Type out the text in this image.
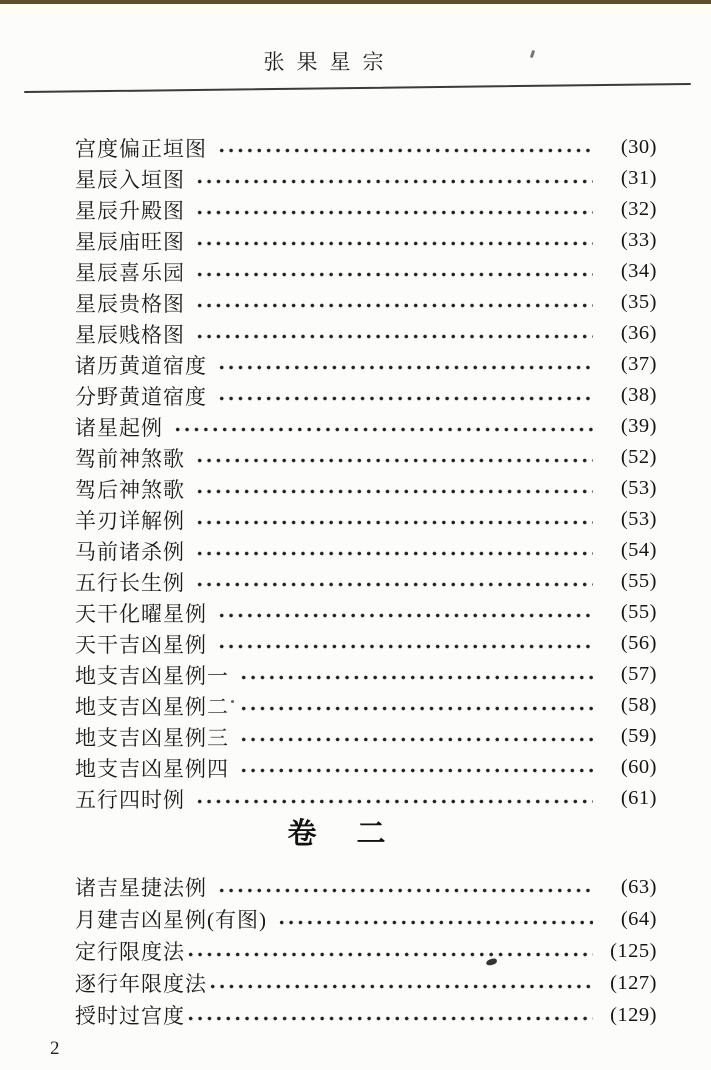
张果星宗
宫度偏正垣图	(30)
星辰入垣图	(31)
星辰升殿图	(32)
星辰庙旺图	(33)
星辰喜乐园	(34)
星辰贵格图	(35)
星辰贱格图	(36)
诸历黄道宿度	(37)
分野黄道宿度	(38)
诸星起例	(39)
驾前神煞歌	(52)
驾后神煞歌	(53)
羊刃详解例	(53)
马前诸杀例	(54)
五行长生例	(55)
天干化曜星例	(55)
天干吉凶星例	(56)
地支吉凶星例一	(57)
地支吉凶星例二	(58)
地支吉凶星例三	(59)
地支吉凶星例四	(60)
五行四时例	(61)
卷 二
诸吉星捷法例	(63)
月建吉凶星例(有图)	(64)
定行限度法	(125)
逐行年限度法	(127)
授时过宫度	(129)
2
